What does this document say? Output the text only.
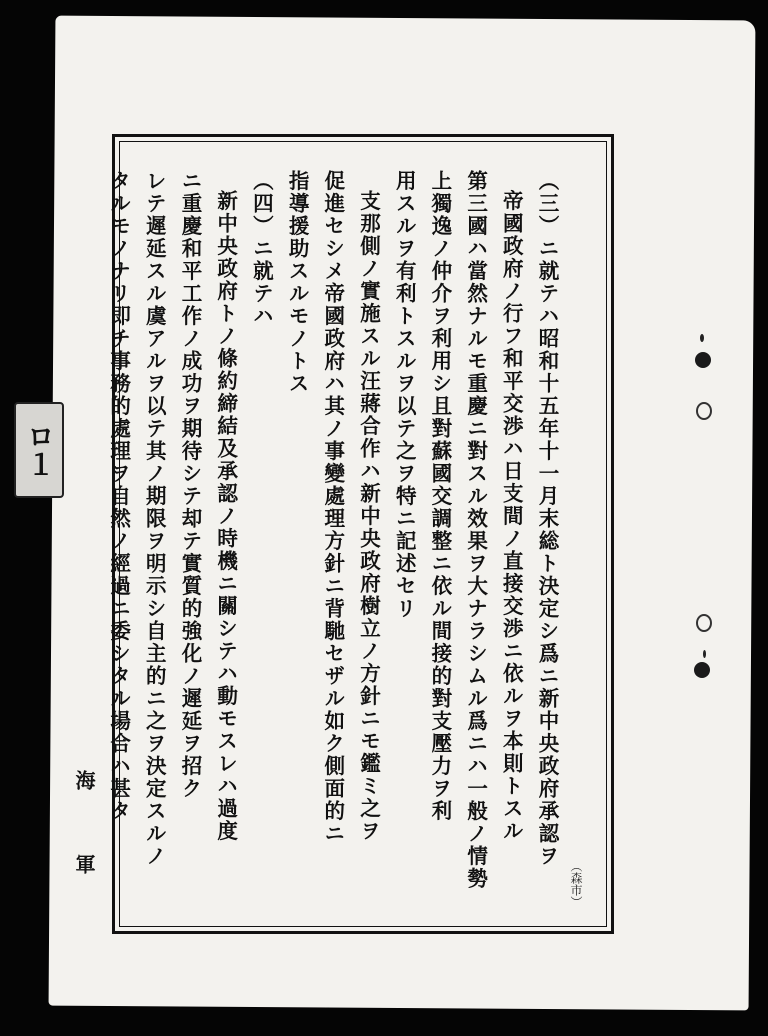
ロ１	（三）ニ就テハ昭和十五年十一月末総ト決定シ爲ニ新中央政府承認ヲ

帝國政府ノ行フ和平交渉ハ日支間ノ直接交渉ニ依ルヲ本則トスル

第三國ハ當然ナルモ重慶ニ對スル效果ヲ大ナラシムル爲ニハ一般ノ情勢

上獨逸ノ仲介ヲ利用シ且對蘇國交調整ニ依ル間接的對支壓力ヲ利

用スルヲ有利トスルヲ以テ之ヲ特ニ記述セリ

支那側ノ實施スル汪蔣合作ハ新中央政府樹立ノ方針ニモ鑑ミ之ヲ

促進セシメ帝國政府ハ其ノ事變處理方針ニ背馳セザル如ク側面的ニ

指導援助スルモノトス

（四）ニ就テハ

新中央政府トノ條約締結及承認ノ時機ニ關シテハ動モスレハ過度

ニ重慶和平工作ノ成功ヲ期待シテ却テ實質的強化ノ遲延ヲ招ク

レテ遲延スル虞アルヲ以テ其ノ期限ヲ明示シ自主的ニ之ヲ決定スルノ

タルモノナリ即チ事務的處理ヲ自然ノ經過ニ委シタル場合ハ甚タ

（森市）
海軍
